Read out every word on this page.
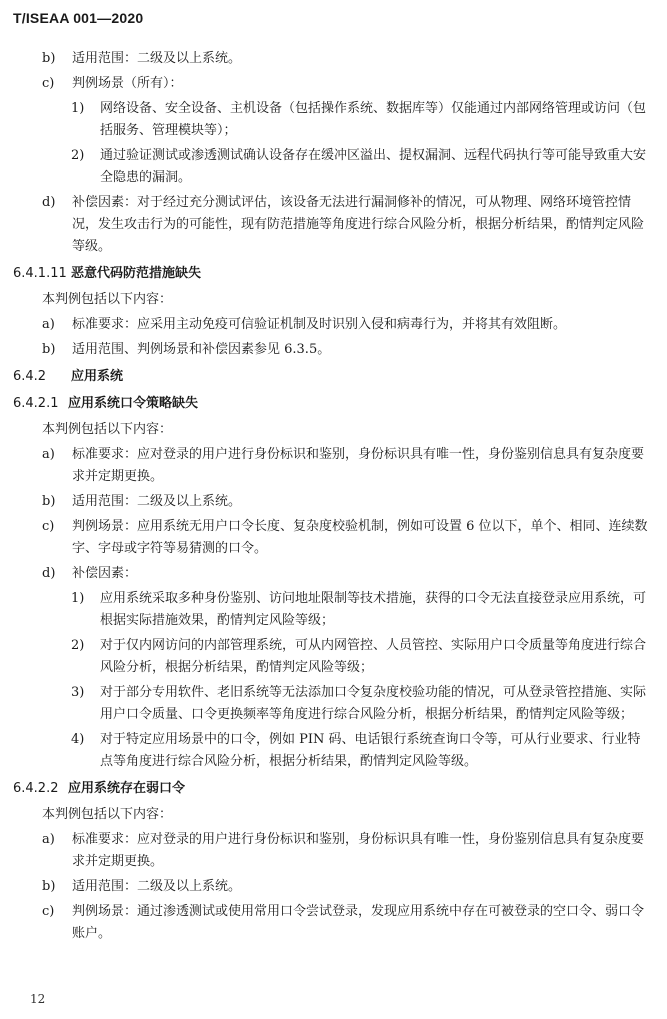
T/ISEAA 001—2020
b) 适用范围：二级及以上系统。
c) 判例场景（所有）：
1) 网络设备、安全设备、主机设备（包括操作系统、数据库等）仅能通过内部网络管理或访问（包括服务、管理模块等）；
2) 通过验证测试或渗透测试确认设备存在缓冲区溢出、提权漏洞、远程代码执行等可能导致重大安全隐患的漏洞。
d) 补偿因素：对于经过充分测试评估，该设备无法进行漏洞修补的情况，可从物理、网络环境管控情况，发生攻击行为的可能性，现有防范措施等角度进行综合风险分析，根据分析结果，酌情判定风险等级。
6.4.1.11 恶意代码防范措施缺失
本判例包括以下内容：
a) 标准要求：应采用主动免疫可信验证机制及时识别入侵和病毒行为，并将其有效阻断。
b) 适用范围、判例场景和补偿因素参见 6.3.5。
6.4.2 应用系统
6.4.2.1 应用系统口令策略缺失
本判例包括以下内容：
a) 标准要求：应对登录的用户进行身份标识和鉴别，身份标识具有唯一性，身份鉴别信息具有复杂度要求并定期更换。
b) 适用范围：二级及以上系统。
c) 判例场景：应用系统无用户口令长度、复杂度校验机制，例如可设置 6 位以下，单个、相同、连续数字、字母或字符等易猜测的口令。
d) 补偿因素：
1) 应用系统采取多种身份鉴别、访问地址限制等技术措施，获得的口令无法直接登录应用系统，可根据实际措施效果，酌情判定风险等级；
2) 对于仅内网访问的内部管理系统，可从内网管控、人员管控、实际用户口令质量等角度进行综合风险分析，根据分析结果，酌情判定风险等级；
3) 对于部分专用软件、老旧系统等无法添加口令复杂度校验功能的情况，可从登录管控措施、实际用户口令质量、口令更换频率等角度进行综合风险分析，根据分析结果，酌情判定风险等级；
4) 对于特定应用场景中的口令，例如 PIN 码、电话银行系统查询口令等，可从行业要求、行业特点等角度进行综合风险分析，根据分析结果，酌情判定风险等级。
6.4.2.2 应用系统存在弱口令
本判例包括以下内容：
a) 标准要求：应对登录的用户进行身份标识和鉴别，身份标识具有唯一性，身份鉴别信息具有复杂度要求并定期更换。
b) 适用范围：二级及以上系统。
c) 判例场景：通过渗透测试或使用常用口令尝试登录，发现应用系统中存在可被登录的空口令、弱口令账户。
12
